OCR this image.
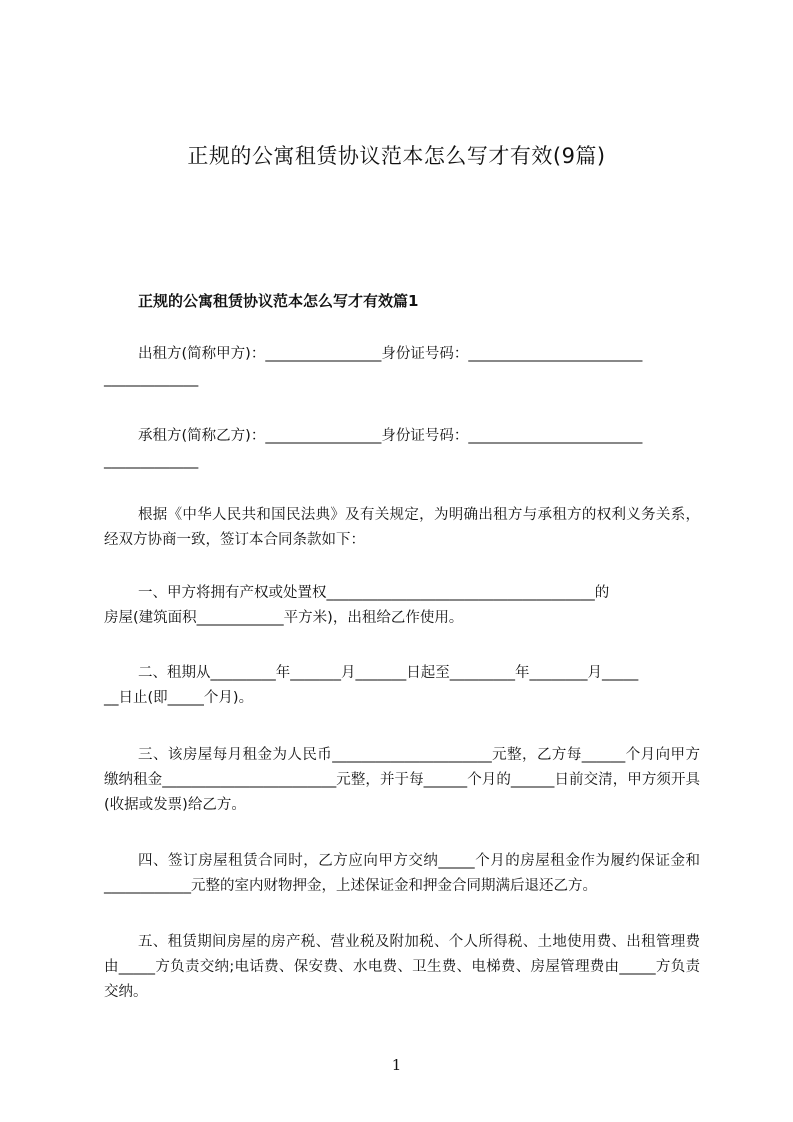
正规的公寓租赁协议范本怎么写才有效(9篇)
正规的公寓租赁协议范本怎么写才有效篇1
出租方(简称甲方)：________________身份证号码：________________________
_____________
承租方(简称乙方)：________________身份证号码：________________________
_____________
根据《中华人民共和国民法典》及有关规定，为明确出租方与承租方的权利义务关系，经双方协商一致，签订本合同条款如下：
一、甲方将拥有产权或处置权_____________________________________的
房屋(建筑面积____________平方米)，出租给乙作使用。
二、租期从_________年_______月_______日起至_________年________月_____
__日止(即_____个月)。
三、该房屋每月租金为人民币______________________元整，乙方每______个月向甲方缴纳租金________________________元整，并于每______个月的______日前交清，甲方须开具(收据或发票)给乙方。
四、签订房屋租赁合同时，乙方应向甲方交纳_____个月的房屋租金作为履约保证金和____________元整的室内财物押金，上述保证金和押金合同期满后退还乙方。
五、租赁期间房屋的房产税、营业税及附加税、个人所得税、土地使用费、出租管理费由_____方负责交纳;电话费、保安费、水电费、卫生费、电梯费、房屋管理费由_____方负责交纳。
1
